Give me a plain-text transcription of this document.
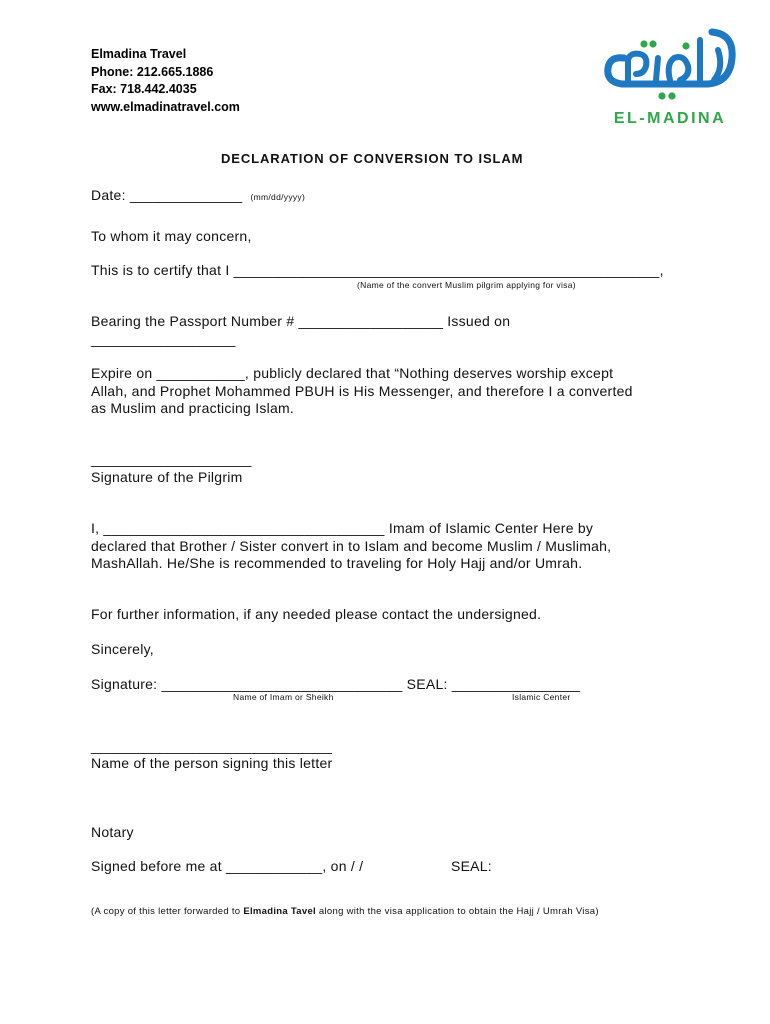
Elmadina Travel
Phone: 212.665.1886
Fax: 718.442.4035
www.elmadinatravel.com
EL-MADINA
DECLARATION OF CONVERSION TO ISLAM
Date: ______________ (mm/dd/yyyy)
To whom it may concern,
This is to certify that I _____________________________________________________,
(Name of the convert Muslim pilgrim applying for visa)
Bearing the Passport Number # __________________ Issued on
__________________
Expire on ___________, publicly declared that “Nothing deserves worship except
Allah, and Prophet Mohammed PBUH is His Messenger, and therefore I a converted
as Muslim and practicing Islam.
____________________
Signature of the Pilgrim
I, ___________________________________ Imam of Islamic Center Here by
declared that Brother / Sister convert in to Islam and become Muslim / Muslimah,
MashAllah. He/She is recommended to traveling for Holy Hajj and/or Umrah.
For further information, if any needed please contact the undersigned.
Sincerely,
Signature: ______________________________ SEAL: ________________
Name of Imam or Sheikh	Islamic Center
______________________________
Name of the person signing this letter
Notary
Signed before me at ____________, on / /	SEAL:
(A copy of this letter forwarded to Elmadina Tavel along with the visa application to obtain the Hajj / Umrah Visa)
